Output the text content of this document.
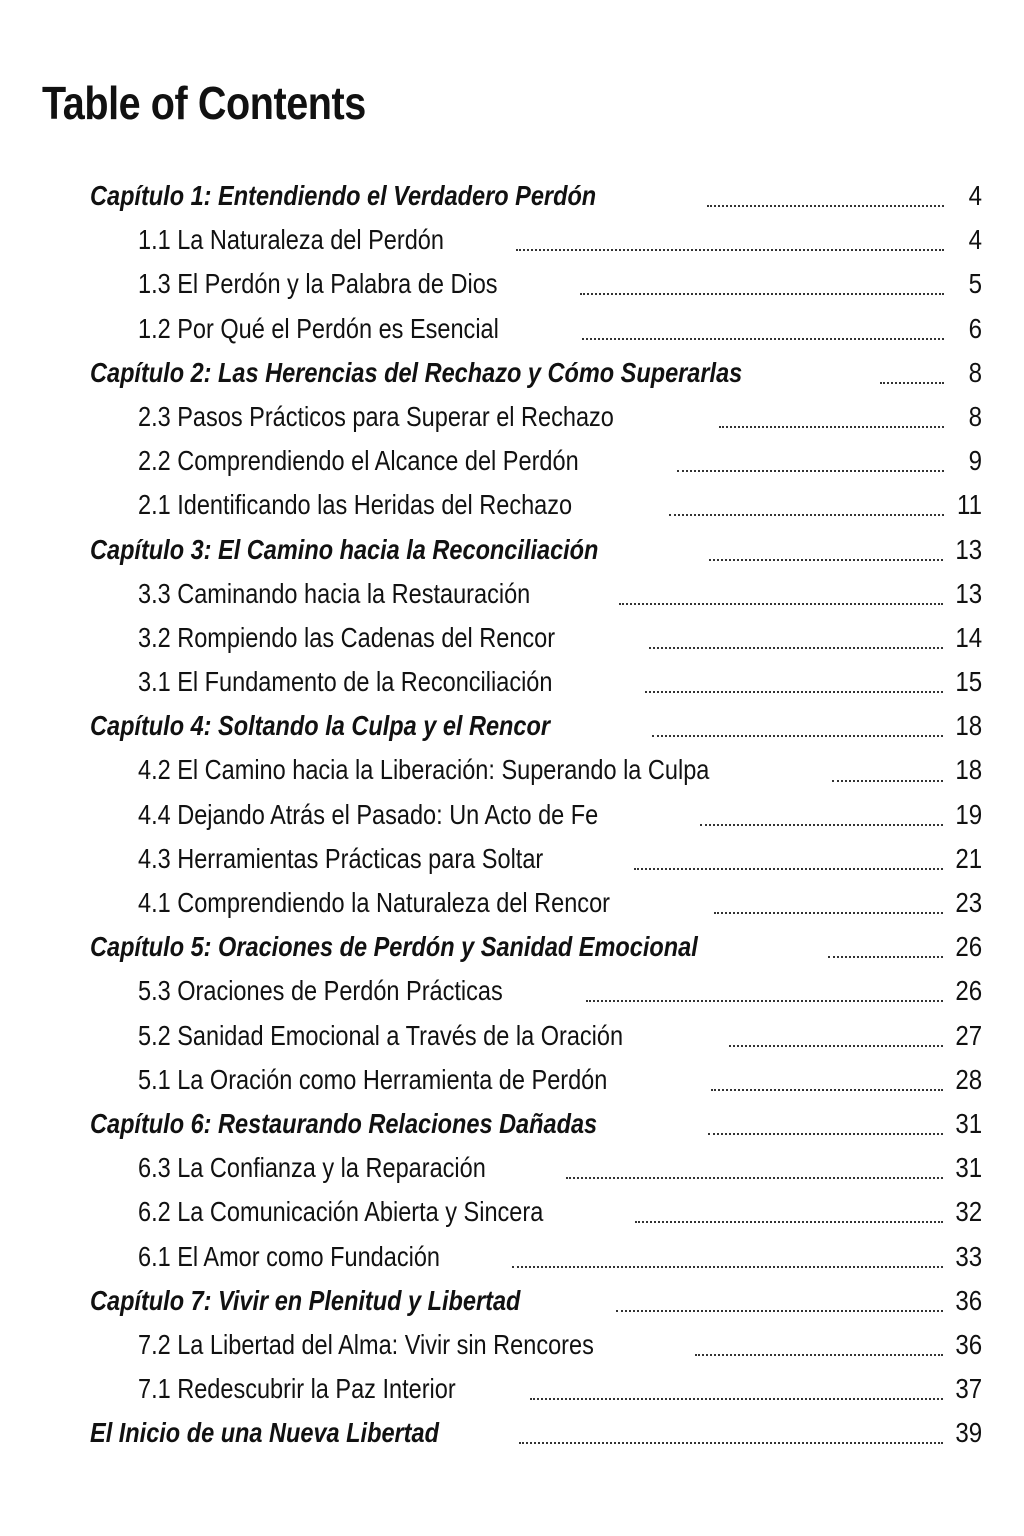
Table of Contents
Capítulo 1: Entendiendo el Verdadero Perdón	4
1.1 La Naturaleza del Perdón	4
1.3 El Perdón y la Palabra de Dios	5
1.2 Por Qué el Perdón es Esencial	6
Capítulo 2: Las Herencias del Rechazo y Cómo Superarlas	8
2.3 Pasos Prácticos para Superar el Rechazo	8
2.2 Comprendiendo el Alcance del Perdón	9
2.1 Identificando las Heridas del Rechazo	11
Capítulo 3: El Camino hacia la Reconciliación	13
3.3 Caminando hacia la Restauración	13
3.2 Rompiendo las Cadenas del Rencor	14
3.1 El Fundamento de la Reconciliación	15
Capítulo 4: Soltando la Culpa y el Rencor	18
4.2 El Camino hacia la Liberación: Superando la Culpa	18
4.4 Dejando Atrás el Pasado: Un Acto de Fe	19
4.3 Herramientas Prácticas para Soltar	21
4.1 Comprendiendo la Naturaleza del Rencor	23
Capítulo 5: Oraciones de Perdón y Sanidad Emocional	26
5.3 Oraciones de Perdón Prácticas	26
5.2 Sanidad Emocional a Través de la Oración	27
5.1 La Oración como Herramienta de Perdón	28
Capítulo 6: Restaurando Relaciones Dañadas	31
6.3 La Confianza y la Reparación	31
6.2 La Comunicación Abierta y Sincera	32
6.1 El Amor como Fundación	33
Capítulo 7: Vivir en Plenitud y Libertad	36
7.2 La Libertad del Alma: Vivir sin Rencores	36
7.1 Redescubrir la Paz Interior	37
El Inicio de una Nueva Libertad	39
